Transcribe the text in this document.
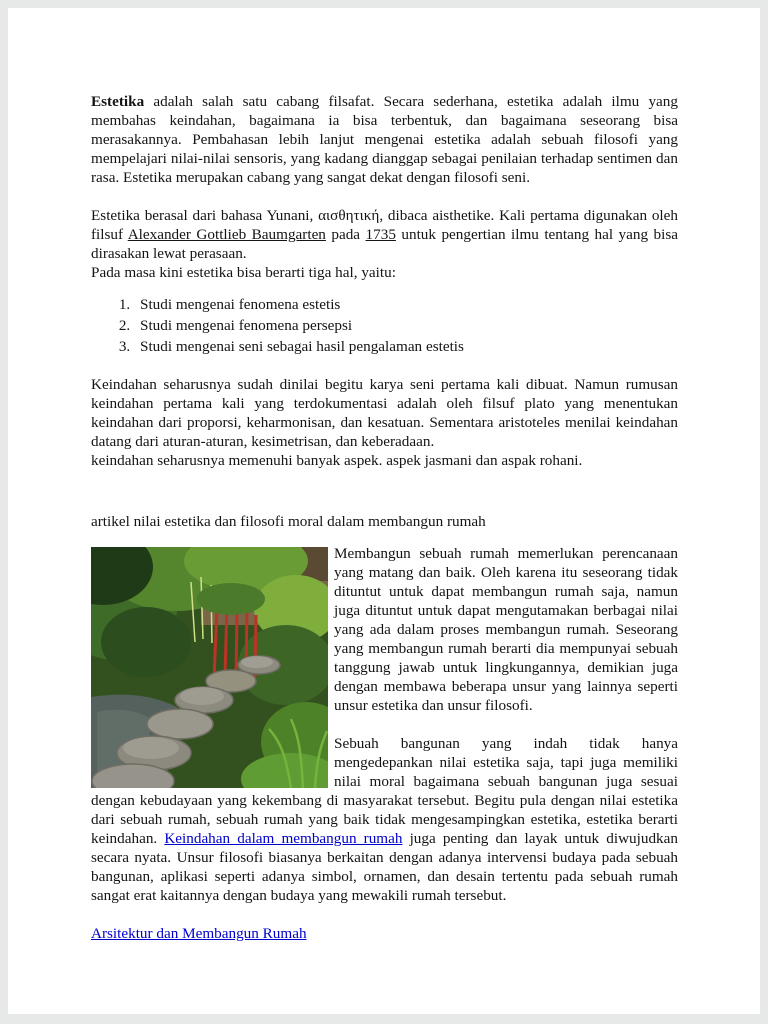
Estetika adalah salah satu cabang filsafat. Secara sederhana, estetika adalah ilmu yang membahas keindahan, bagaimana ia bisa terbentuk, dan bagaimana seseorang bisa merasakannya. Pembahasan lebih lanjut mengenai estetika adalah sebuah filosofi yang mempelajari nilai-nilai sensoris, yang kadang dianggap sebagai penilaian terhadap sentimen dan rasa. Estetika merupakan cabang yang sangat dekat dengan filosofi seni.

Estetika berasal dari bahasa Yunani, αισθητική, dibaca aisthetike. Kali pertama digunakan oleh filsuf Alexander Gottlieb Baumgarten pada 1735 untuk pengertian ilmu tentang hal yang bisa dirasakan lewat perasaan.

Pada masa kini estetika bisa berarti tiga hal, yaitu:

1. Studi mengenai fenomena estetis
2. Studi mengenai fenomena persepsi
3. Studi mengenai seni sebagai hasil pengalaman estetis

Keindahan seharusnya sudah dinilai begitu karya seni pertama kali dibuat. Namun rumusan keindahan pertama kali yang terdokumentasi adalah oleh filsuf plato yang menentukan keindahan dari proporsi, keharmonisan, dan kesatuan. Sementara aristoteles menilai keindahan datang dari aturan-aturan, kesimetrisan, dan keberadaan.

keindahan seharusnya memenuhi banyak aspek. aspek jasmani dan aspak rohani.

artikel nilai estetika dan filosofi moral dalam membangun rumah

Membangun sebuah rumah memerlukan perencanaan yang matang dan baik. Oleh karena itu seseorang tidak dituntut untuk dapat membangun rumah saja, namun juga dituntut untuk dapat mengutamakan berbagai nilai yang ada dalam proses membangun rumah. Seseorang yang membangun rumah berarti dia mempunyai sebuah tanggung jawab untuk lingkungannya, demikian juga dengan membawa beberapa unsur yang lainnya seperti unsur estetika dan unsur filosofi.

Sebuah bangunan yang indah tidak hanya mengedepankan nilai estetika saja, tapi juga memiliki nilai moral bagaimana sebuah bangunan juga sesuai dengan kebudayaan yang kekembang di masyarakat tersebut. Begitu pula dengan nilai estetika dari sebuah rumah, sebuah rumah yang baik tidak mengesampingkan estetika, estetika berarti keindahan. Keindahan dalam membangun rumah juga penting dan layak untuk diwujudkan secara nyata. Unsur filosofi biasanya berkaitan dengan adanya intervensi budaya pada sebuah bangunan, aplikasi seperti adanya simbol, ornamen, dan desain tertentu pada sebuah rumah sangat erat kaitannya dengan budaya yang mewakili rumah tersebut.

Arsitektur dan Membangun Rumah
